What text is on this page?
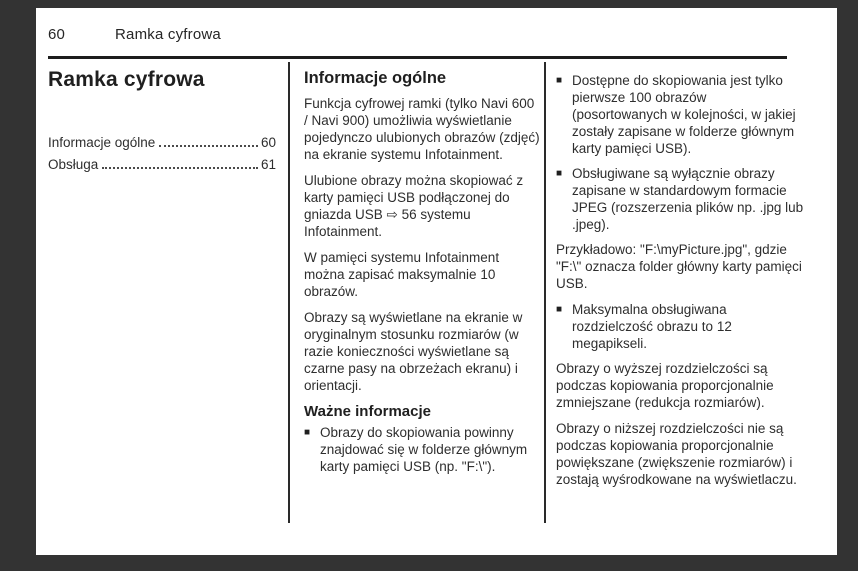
60	Ramka cyfrowa
Ramka cyfrowa
Informacje ogólne	60
Obsługa	61
Informacje ogólne

Funkcja cyfrowej ramki (tylko Navi 600 / Navi 900) umożliwia wyświetlanie pojedynczo ulubionych obrazów (zdjęć) na ekranie systemu Infotainment.

Ulubione obrazy można skopiować z karty pamięci USB podłączonej do gniazda USB ⇨ 56 systemu Infotainment.

W pamięci systemu Infotainment można zapisać maksymalnie 10 obrazów.

Obrazy są wyświetlane na ekranie w oryginalnym stosunku rozmiarów (w razie konieczności wyświetlane są czarne pasy na obrzeżach ekranu) i orientacji.

Ważne informacje
■ Obrazy do skopiowania powinny znajdować się w folderze głównym karty pamięci USB (np. "F:\").
■ Dostępne do skopiowania jest tylko pierwsze 100 obrazów (posortowanych w kolejności, w jakiej zostały zapisane w folderze głównym karty pamięci USB).
■ Obsługiwane są wyłącznie obrazy zapisane w standardowym formacie JPEG (rozszerzenia plików np. .jpg lub .jpeg).

Przykładowo: "F:\myPicture.jpg", gdzie "F:\" oznacza folder główny karty pamięci USB.

■ Maksymalna obsługiwana rozdzielczość obrazu to 12 megapikseli.

Obrazy o wyższej rozdzielczości są podczas kopiowania proporcjonalnie zmniejszane (redukcja rozmiarów).

Obrazy o niższej rozdzielczości nie są podczas kopiowania proporcjonalnie powiększane (zwiększenie rozmiarów) i zostają wyśrodkowane na wyświetlaczu.
